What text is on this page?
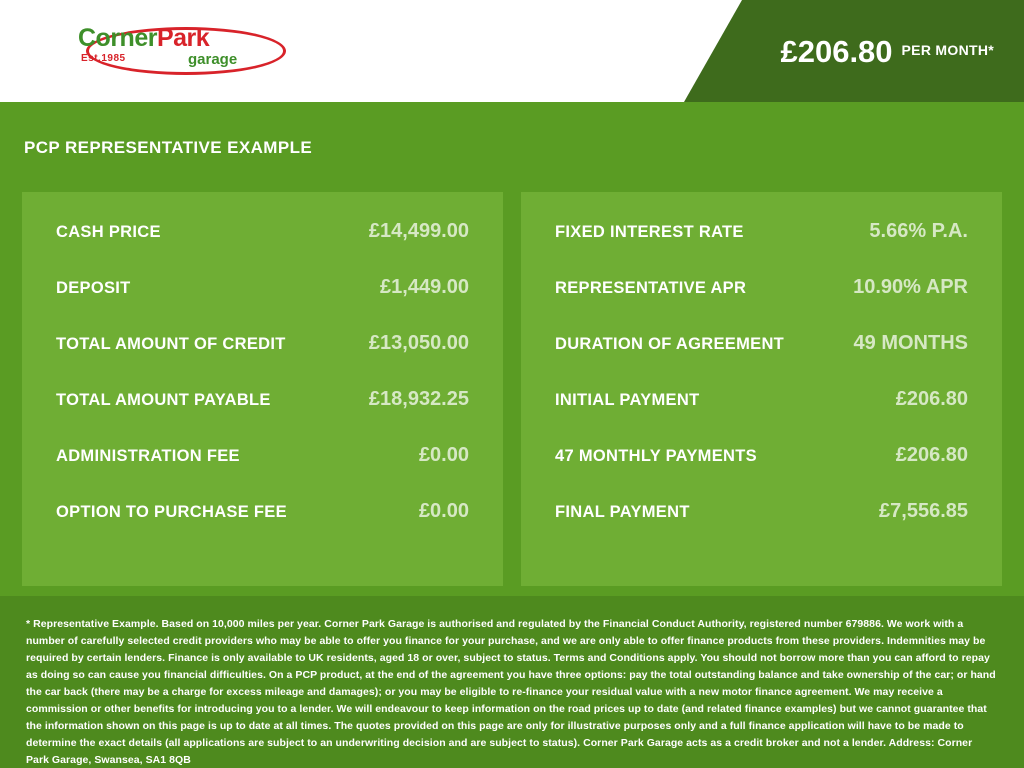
CornerPark
Est.1985	garage	£206.80 PER MONTH*
PCP REPRESENTATIVE EXAMPLE
CASH PRICE	£14,499.00
DEPOSIT	£1,449.00
TOTAL AMOUNT OF CREDIT	£13,050.00
TOTAL AMOUNT PAYABLE	£18,932.25
ADMINISTRATION FEE	£0.00
OPTION TO PURCHASE FEE	£0.00
FIXED INTEREST RATE	5.66% P.A.
REPRESENTATIVE APR	10.90% APR
DURATION OF AGREEMENT	49 MONTHS
INITIAL PAYMENT	£206.80
47 MONTHLY PAYMENTS	£206.80
FINAL PAYMENT	£7,556.85

* Representative Example. Based on 10,000 miles per year. Corner Park Garage is authorised and regulated by the Financial Conduct Authority, registered number 679886. We work with a number of carefully selected credit providers who may be able to offer you finance for your purchase, and we are only able to offer finance products from these providers. Indemnities may be required by certain lenders. Finance is only available to UK residents, aged 18 or over, subject to status. Terms and Conditions apply. You should not borrow more than you can afford to repay as doing so can cause you financial difficulties. On a PCP product, at the end of the agreement you have three options: pay the total outstanding balance and take ownership of the car; or hand the car back (there may be a charge for excess mileage and damages); or you may be eligible to re-finance your residual value with a new motor finance agreement. We may receive a commission or other benefits for introducing you to a lender. We will endeavour to keep information on the road prices up to date (and related finance examples) but we cannot guarantee that the information shown on this page is up to date at all times. The quotes provided on this page are only for illustrative purposes only and a full finance application will have to be made to determine the exact details (all applications are subject to an underwriting decision and are subject to status). Corner Park Garage acts as a credit broker and not a lender. Address: Corner Park Garage, Swansea, SA1 8QB
